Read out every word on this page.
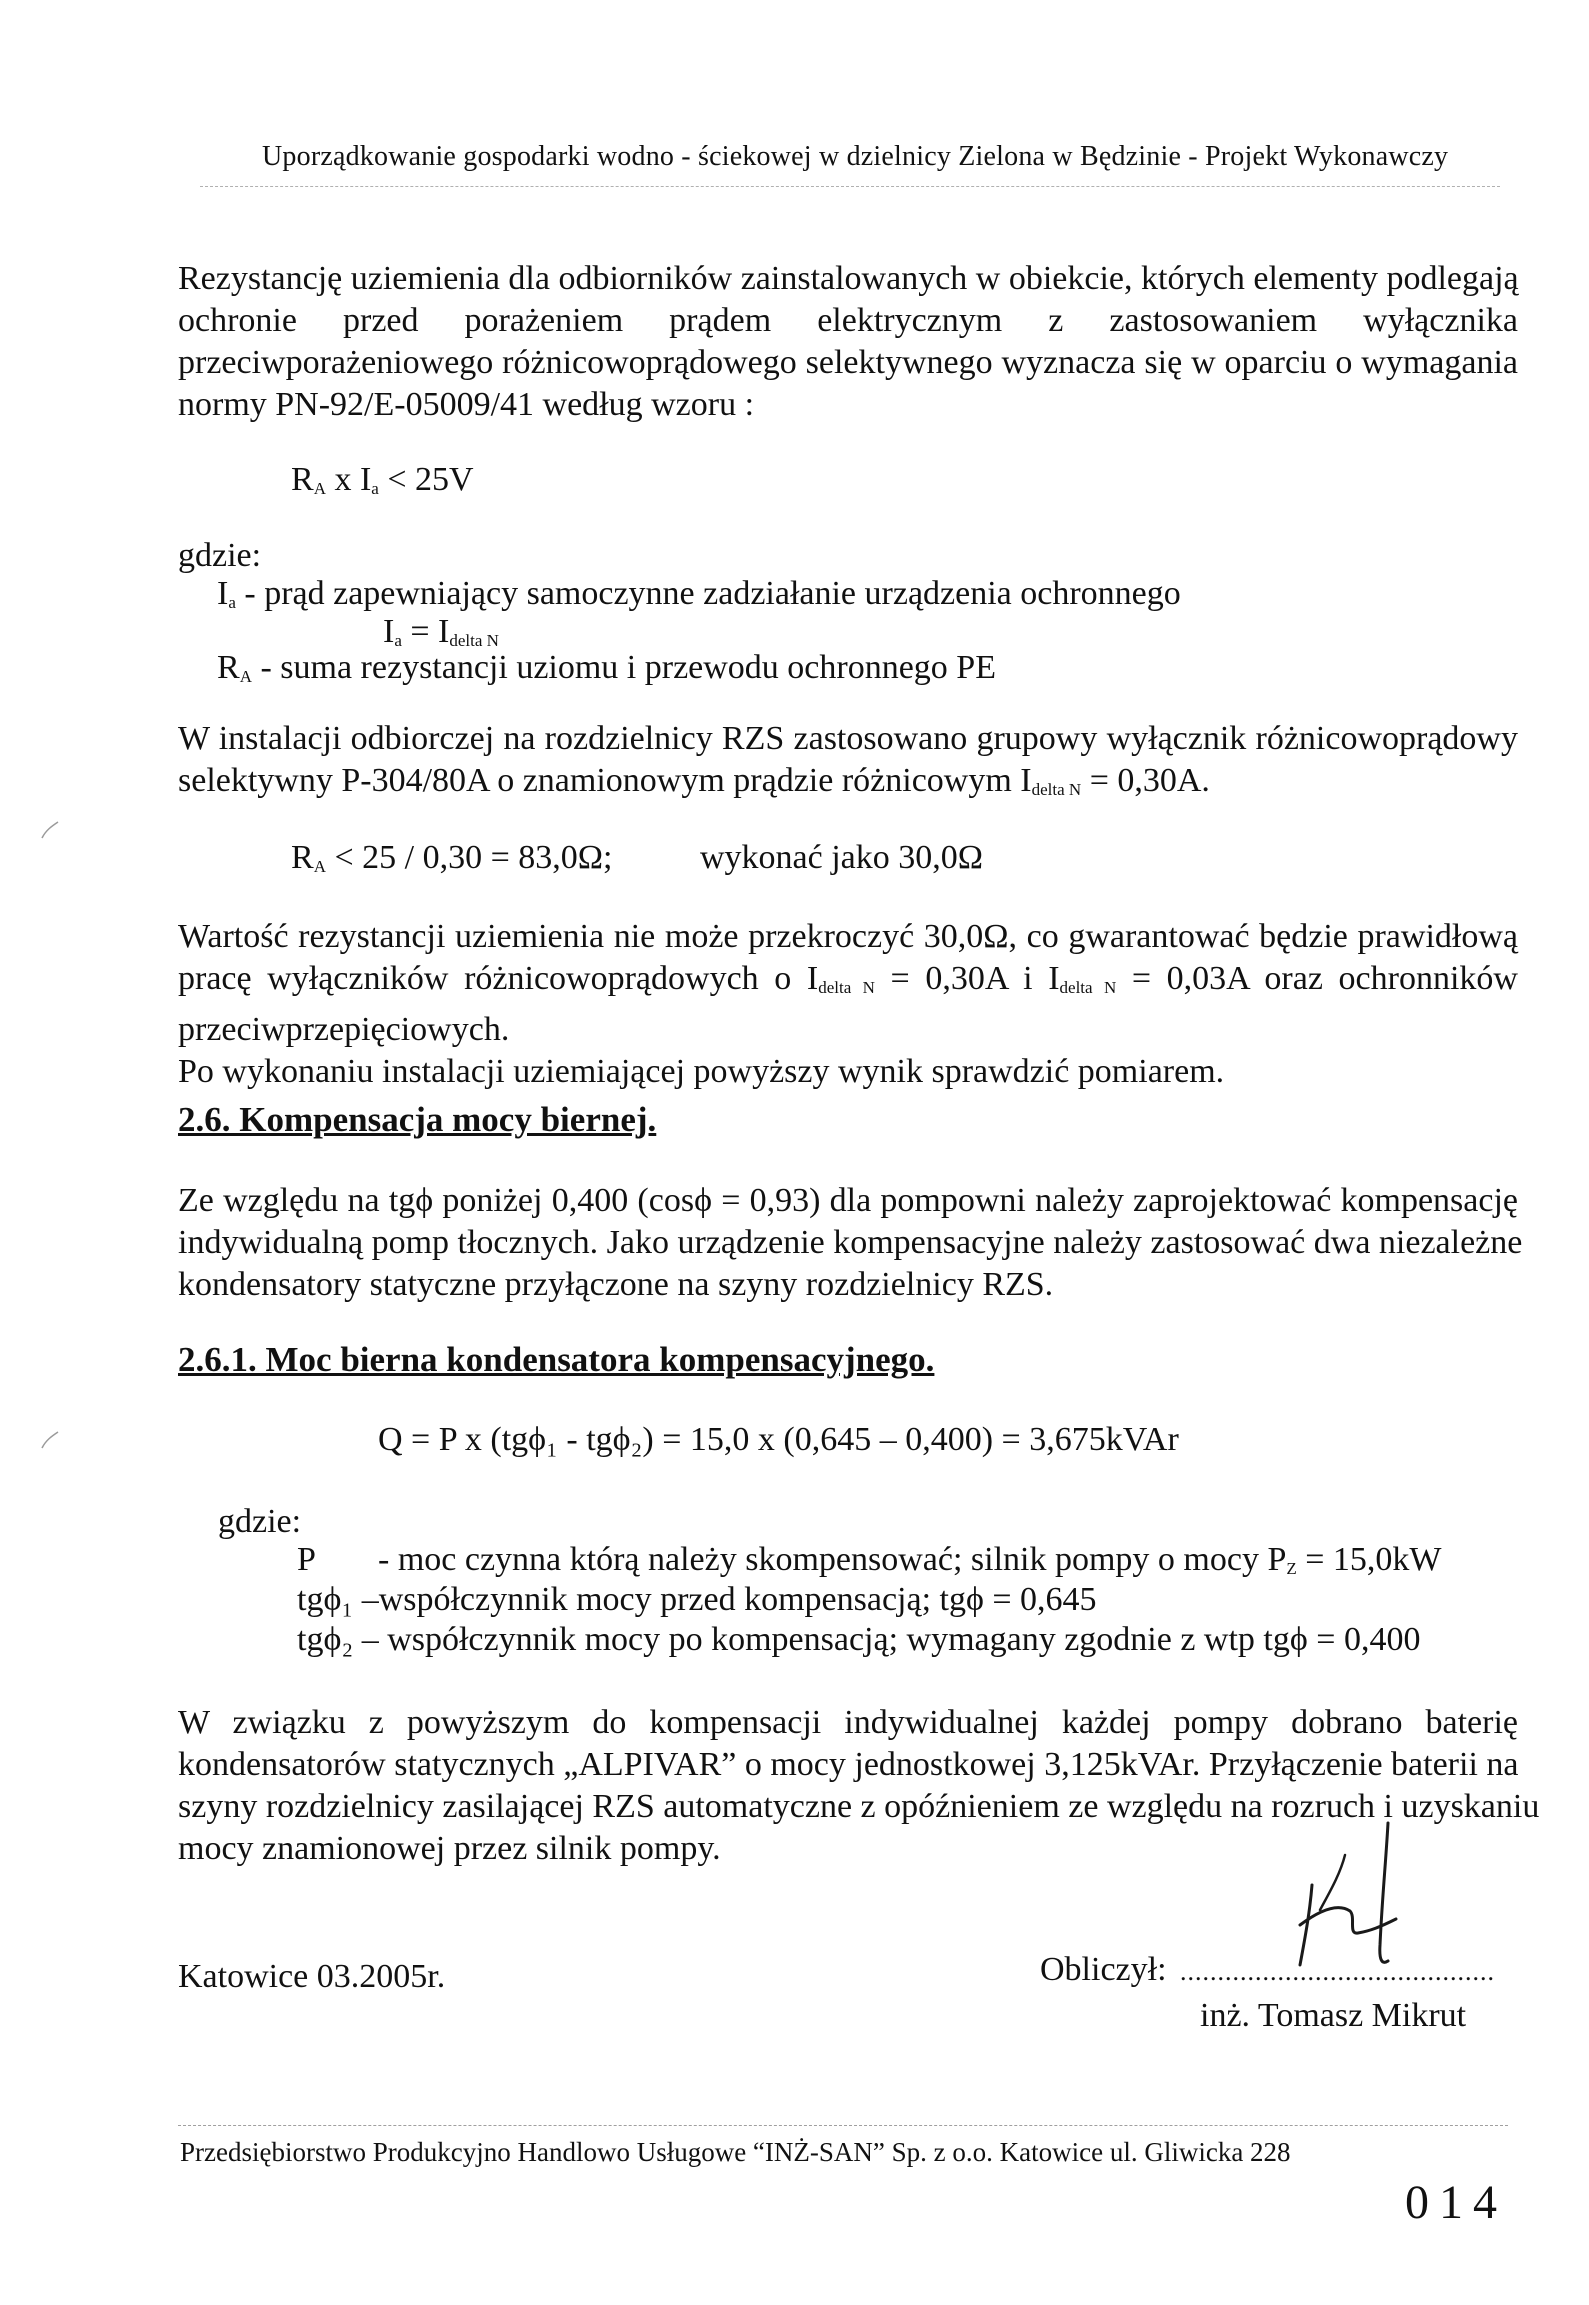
Uporządkowanie gospodarki wodno - ściekowej w dzielnicy Zielona w Będzinie - Projekt Wykonawczy
Rezystancję uziemienia dla odbiorników zainstalowanych w obiekcie, których elementy podlegają
ochronie przed porażeniem prądem elektrycznym z zastosowaniem wyłącznika
przeciwporażeniowego różnicowoprądowego selektywnego wyznacza się w oparciu o wymagania
normy PN-92/E-05009/41 według wzoru :
$R_A$ x $I_a < 25V$
gdzie:
$I_a$ - prąd zapewniający samoczynne zadziałanie urządzenia ochronnego
$I_a = I_{delta N}$
$R_A$ - suma rezystancji uziomu i przewodu ochronnego PE
W instalacji odbiorczej na rozdzielnicy RZS zastosowano grupowy wyłącznik różnicowoprądowy
selektywny P-304/80A o znamionowym prądzie różnicowym $I_{delta N} = 0,30A$.
$R_A < 25 / 0,30 = 83,0\Omega$;	wykonać jako 30,0Ω
Wartość rezystancji uziemienia nie może przekroczyć 30,0Ω, co gwarantować będzie prawidłową
pracę wyłączników różnicowoprądowych o $I_{delta N} = 0,30A$ i $I_{delta N} = 0,03A$ oraz ochronników
przeciwprzepięciowych.
Po wykonaniu instalacji uziemiającej powyższy wynik sprawdzić pomiarem.
2.6. Kompensacja mocy biernej.
Ze względu na tgϕ poniżej 0,400 (cosϕ = 0,93) dla pompowni należy zaprojektować kompensację
indywidualną pomp tłocznych. Jako urządzenie kompensacyjne należy zastosować dwa niezależne
kondensatory statyczne przyłączone na szyny rozdzielnicy RZS.
2.6.1. Moc bierna kondensatora kompensacyjnego.
Q = P x (tgϕ₁ - tgϕ₂) = 15,0 x (0,645 – 0,400) = 3,675kVAr
gdzie:
P - moc czynna którą należy skompensować; silnik pompy o mocy $P_Z = 15,0kW$
tgϕ₁ –współczynnik mocy przed kompensacją; tgϕ = 0,645
tgϕ₂ – współczynnik mocy po kompensacją; wymagany zgodnie z wtp tgϕ = 0,400
W związku z powyższym do kompensacji indywidualnej każdej pompy dobrano baterię
kondensatorów statycznych „ALPIVAR” o mocy jednostkowej 3,125kVAr. Przyłączenie baterii na
szyny rozdzielnicy zasilającej RZS automatyczne z opóźnieniem ze względu na rozruch i uzyskaniu
mocy znamionowej przez silnik pompy.
Katowice 03.2005r.	Obliczył: ..........................................
inż. Tomasz Mikrut
Przedsiębiorstwo Produkcyjno Handlowo Usługowe “INŻ-SAN” Sp. z o.o. Katowice ul. Gliwicka 228
014
